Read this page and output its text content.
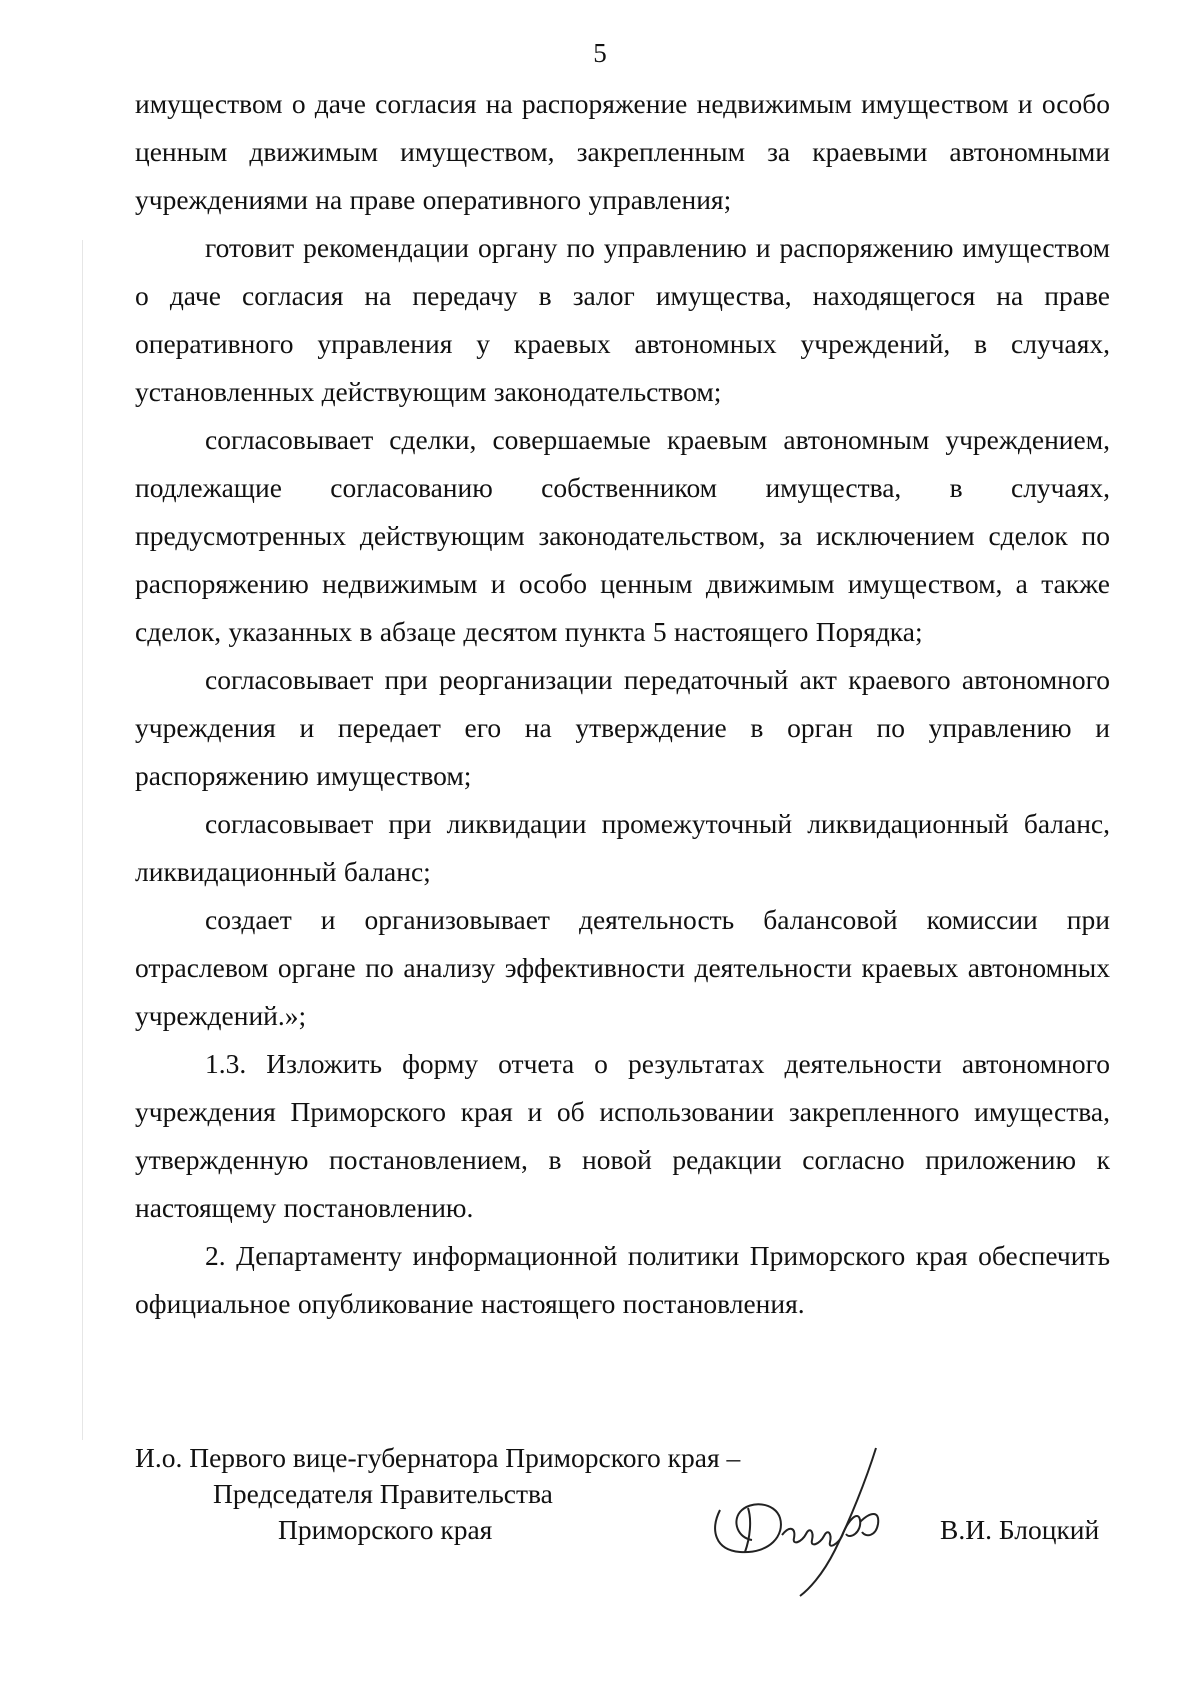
5

имуществом о даче согласия на распоряжение недвижимым имуществом и особо ценным движимым имуществом, закрепленным за краевыми автономными учреждениями на праве оперативного управления;

готовит рекомендации органу по управлению и распоряжению имуществом о даче согласия на передачу в залог имущества, находящегося на праве оперативного управления у краевых автономных учреждений, в случаях, установленных действующим законодательством;

согласовывает сделки, совершаемые краевым автономным учреждением, подлежащие согласованию собственником имущества, в случаях, предусмотренных действующим законодательством, за исключением сделок по распоряжению недвижимым и особо ценным движимым имуществом, а также сделок, указанных в абзаце десятом пункта 5 настоящего Порядка;

согласовывает при реорганизации передаточный акт краевого автономного учреждения и передает его на утверждение в орган по управлению и распоряжению имуществом;

согласовывает при ликвидации промежуточный ликвидационный баланс, ликвидационный баланс;

создает и организовывает деятельность балансовой комиссии при отраслевом органе по анализу эффективности деятельности краевых автономных учреждений.»;

1.3. Изложить форму отчета о результатах деятельности автономного учреждения Приморского края и об использовании закрепленного имущества, утвержденную постановлением, в новой редакции согласно приложению к настоящему постановлению.

2. Департаменту информационной политики Приморского края обеспечить официальное опубликование настоящего постановления.

И.о. Первого вице-губернатора Приморского края –
Председателя Правительства
Приморского края	В.И. Блоцкий
